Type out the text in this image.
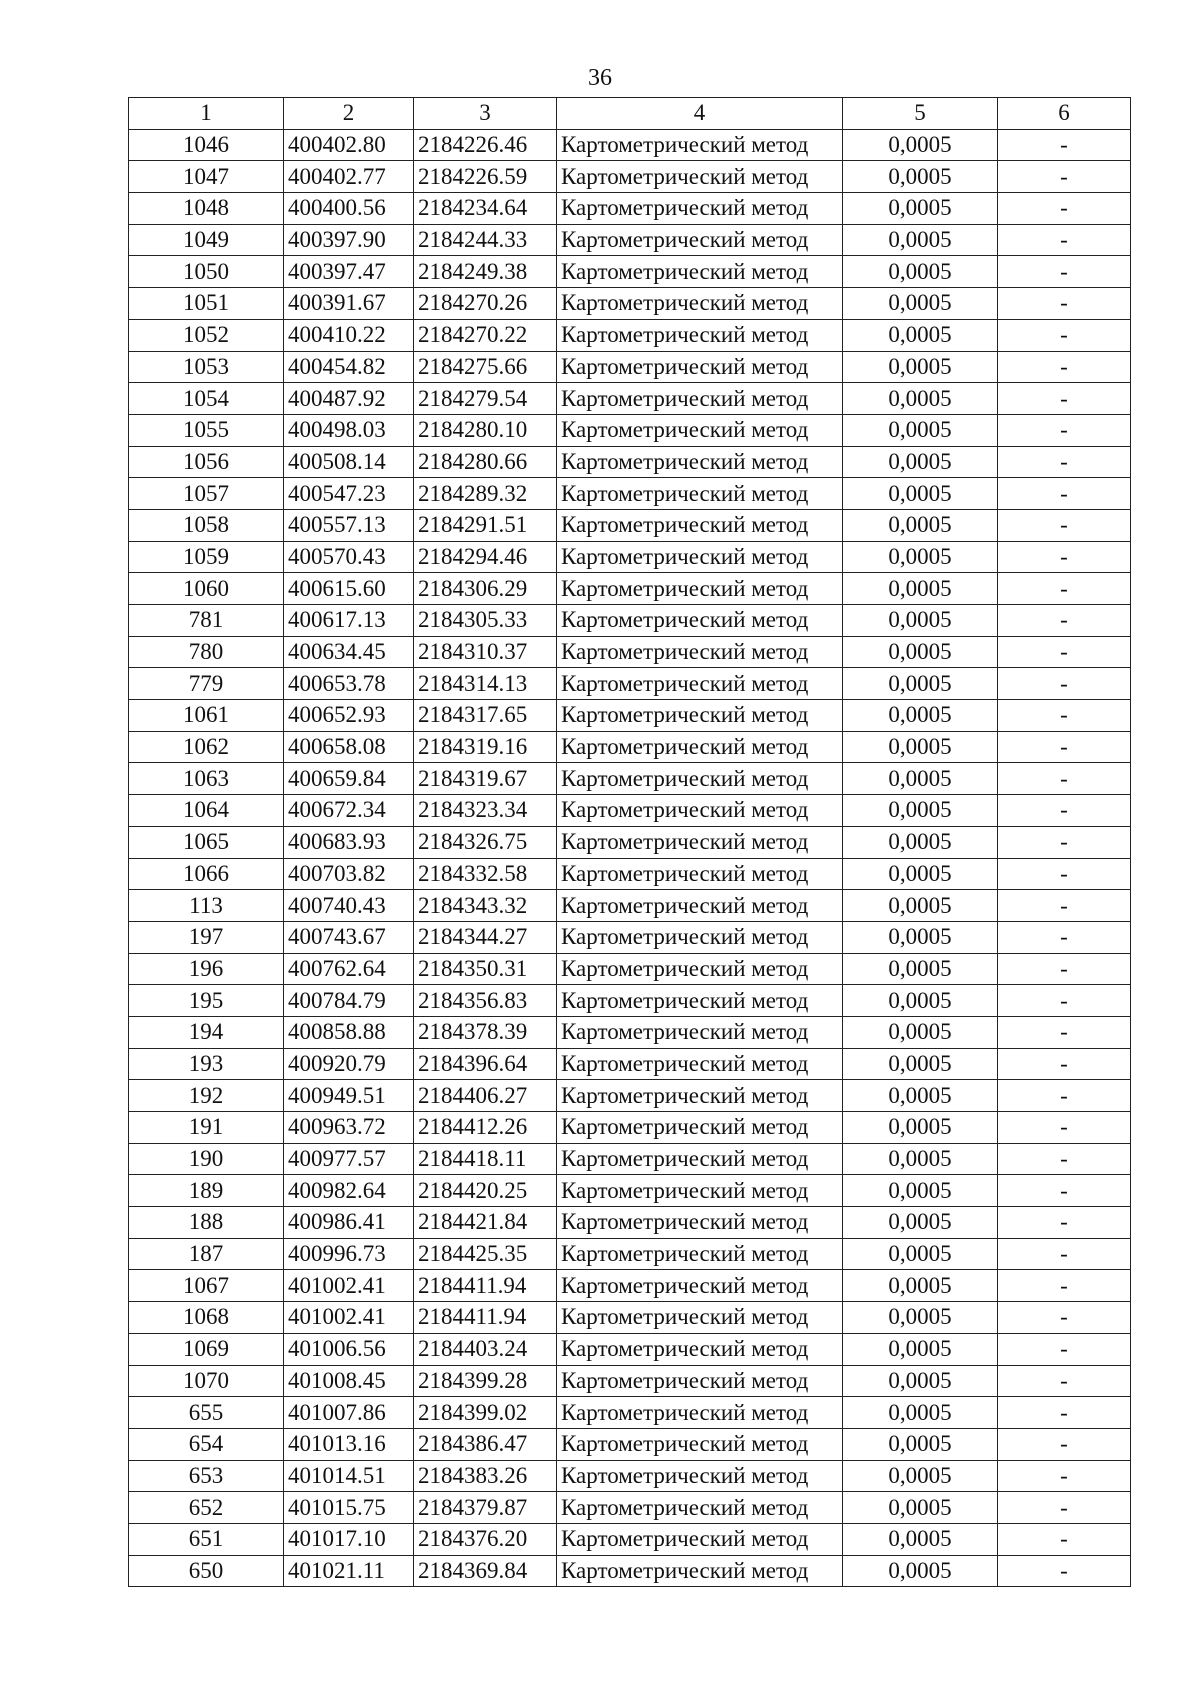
36
1	2	3	4	5	6
1046	400402.80	2184226.46	Картометрический метод	0,0005	-
1047	400402.77	2184226.59	Картометрический метод	0,0005	-
1048	400400.56	2184234.64	Картометрический метод	0,0005	-
1049	400397.90	2184244.33	Картометрический метод	0,0005	-
1050	400397.47	2184249.38	Картометрический метод	0,0005	-
1051	400391.67	2184270.26	Картометрический метод	0,0005	-
1052	400410.22	2184270.22	Картометрический метод	0,0005	-
1053	400454.82	2184275.66	Картометрический метод	0,0005	-
1054	400487.92	2184279.54	Картометрический метод	0,0005	-
1055	400498.03	2184280.10	Картометрический метод	0,0005	-
1056	400508.14	2184280.66	Картометрический метод	0,0005	-
1057	400547.23	2184289.32	Картометрический метод	0,0005	-
1058	400557.13	2184291.51	Картометрический метод	0,0005	-
1059	400570.43	2184294.46	Картометрический метод	0,0005	-
1060	400615.60	2184306.29	Картометрический метод	0,0005	-
781	400617.13	2184305.33	Картометрический метод	0,0005	-
780	400634.45	2184310.37	Картометрический метод	0,0005	-
779	400653.78	2184314.13	Картометрический метод	0,0005	-
1061	400652.93	2184317.65	Картометрический метод	0,0005	-
1062	400658.08	2184319.16	Картометрический метод	0,0005	-
1063	400659.84	2184319.67	Картометрический метод	0,0005	-
1064	400672.34	2184323.34	Картометрический метод	0,0005	-
1065	400683.93	2184326.75	Картометрический метод	0,0005	-
1066	400703.82	2184332.58	Картометрический метод	0,0005	-
113	400740.43	2184343.32	Картометрический метод	0,0005	-
197	400743.67	2184344.27	Картометрический метод	0,0005	-
196	400762.64	2184350.31	Картометрический метод	0,0005	-
195	400784.79	2184356.83	Картометрический метод	0,0005	-
194	400858.88	2184378.39	Картометрический метод	0,0005	-
193	400920.79	2184396.64	Картометрический метод	0,0005	-
192	400949.51	2184406.27	Картометрический метод	0,0005	-
191	400963.72	2184412.26	Картометрический метод	0,0005	-
190	400977.57	2184418.11	Картометрический метод	0,0005	-
189	400982.64	2184420.25	Картометрический метод	0,0005	-
188	400986.41	2184421.84	Картометрический метод	0,0005	-
187	400996.73	2184425.35	Картометрический метод	0,0005	-
1067	401002.41	2184411.94	Картометрический метод	0,0005	-
1068	401002.41	2184411.94	Картометрический метод	0,0005	-
1069	401006.56	2184403.24	Картометрический метод	0,0005	-
1070	401008.45	2184399.28	Картометрический метод	0,0005	-
655	401007.86	2184399.02	Картометрический метод	0,0005	-
654	401013.16	2184386.47	Картометрический метод	0,0005	-
653	401014.51	2184383.26	Картометрический метод	0,0005	-
652	401015.75	2184379.87	Картометрический метод	0,0005	-
651	401017.10	2184376.20	Картометрический метод	0,0005	-
650	401021.11	2184369.84	Картометрический метод	0,0005	-
